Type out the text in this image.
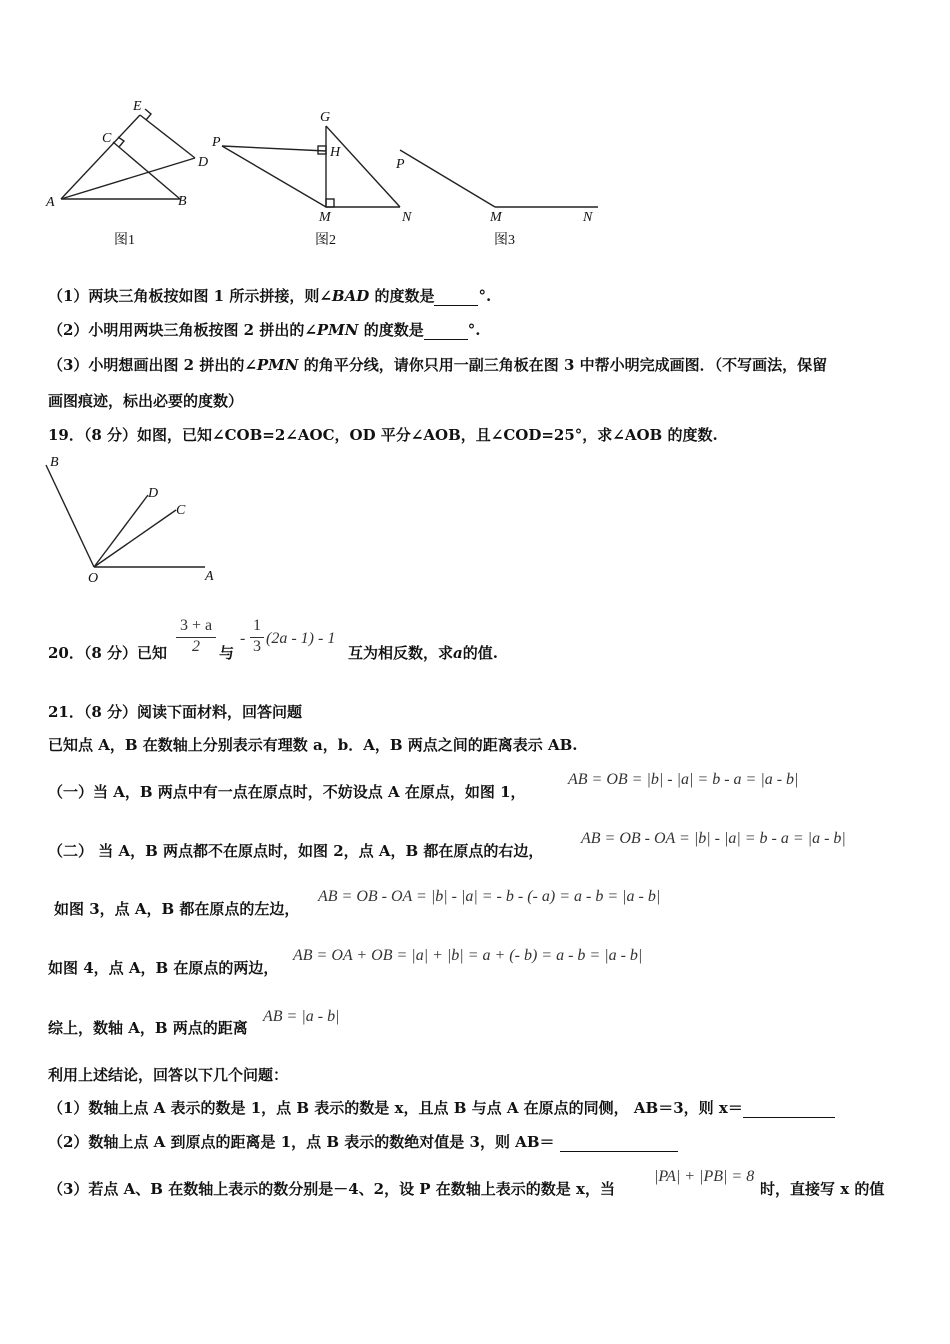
E
C
D
A	B
P
G
H
M	N
P
M	N
图1	图2	图3
（1）两块三角板按如图 1 所示拼接，则∠BAD 的度数是	°.
（2）小明用两块三角板按图 2 拼出的∠PMN 的度数是	°.
（3）小明想画出图 2 拼出的∠PMN 的角平分线，请你只用一副三角板在图 3 中帮小明完成画图．（不写画法，保留
画图痕迹，标出必要的度数）
19．（8 分）如图，已知∠COB=2∠AOC，OD 平分∠AOB，且∠COD=25°，求∠AOB 的度数.
B
D
C
O	A
20．（8 分）已知
3 + a
2	与
-
1
3 (2a - 1) - 1
互为相反数，求a的值.
21．（8 分）阅读下面材料，回答问题
已知点 A，B 在数轴上分别表示有理数 a，b．A，B 两点之间的距离表示 AB.
（一）当 A，B 两点中有一点在原点时，不妨设点 A 在原点，如图 1，
AB = OB = |b| - |a| = b - a = |a - b|
（二） 当 A，B 两点都不在原点时，如图 2，点 A，B 都在原点的右边，
AB = OB - OA = |b| - |a| = b - a = |a - b|
如图 3，点 A，B 都在原点的左边，
AB = OB - OA = |b| - |a| = - b - (- a) = a - b = |a - b|
如图 4，点 A，B 在原点的两边，
AB = OA + OB = |a| + |b| = a + (- b) = a - b = |a - b|
综上，数轴 A，B 两点的距离
AB = |a - b|
利用上述结论，回答以下几个问题：
（1）数轴上点 A 表示的数是 1，点 B 表示的数是 x，且点 B 与点 A 在原点的同侧， AB＝3，则 x＝
（2）数轴上点 A 到原点的距离是 1，点 B 表示的数绝对值是 3，则 AB＝
（3）若点 A、B 在数轴上表示的数分别是－4、2，设 P 在数轴上表示的数是 x，当
|PA| + |PB| = 8
时，直接写 x 的值
